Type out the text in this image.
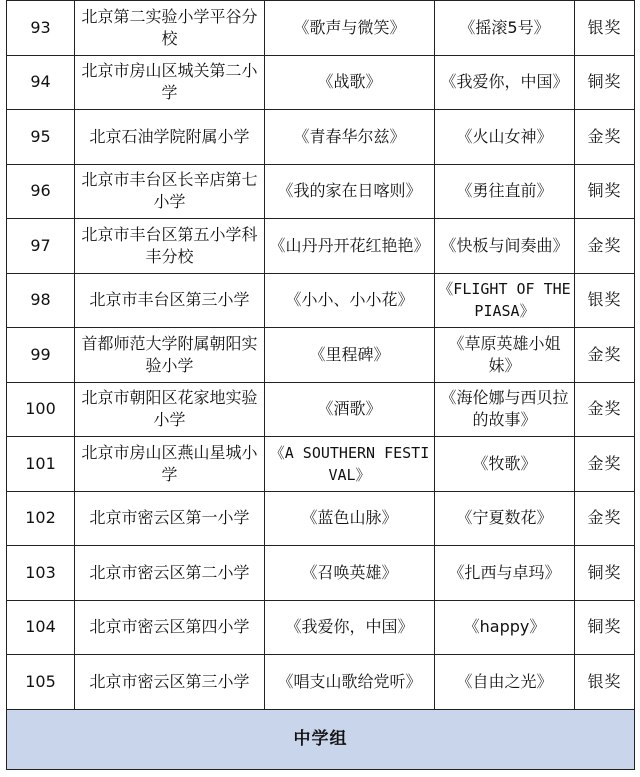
93	北京第二实验小学平谷分校	《歌声与微笑》	《摇滚5号》	银奖
94	北京市房山区城关第二小学	《战歌》	《我爱你，中国》	铜奖
95	北京石油学院附属小学	《青春华尔兹》	《火山女神》	金奖
96	北京市丰台区长辛店第七小学	《我的家在日喀则》	《勇往直前》	铜奖
97	北京市丰台区第五小学科丰分校	《山丹丹开花红艳艳》	《快板与间奏曲》	金奖
98	北京市丰台区第三小学	《小小、小小花》	《FLIGHT OF THE PIASA》	银奖
99	首都师范大学附属朝阳实验小学	《里程碑》	《草原英雄小姐妹》	金奖
100	北京市朝阳区花家地实验小学	《酒歌》	《海伦娜与西贝拉的故事》	金奖
101	北京市房山区燕山星城小学	《A SOUTHERN FESTIVAL》	《牧歌》	金奖
102	北京市密云区第一小学	《蓝色山脉》	《宁夏数花》	金奖
103	北京市密云区第二小学	《召唤英雄》	《扎西与卓玛》	铜奖
104	北京市密云区第四小学	《我爱你，中国》	《happy》	铜奖
105	北京市密云区第三小学	《唱支山歌给党听》	《自由之光》	银奖
中学组				
